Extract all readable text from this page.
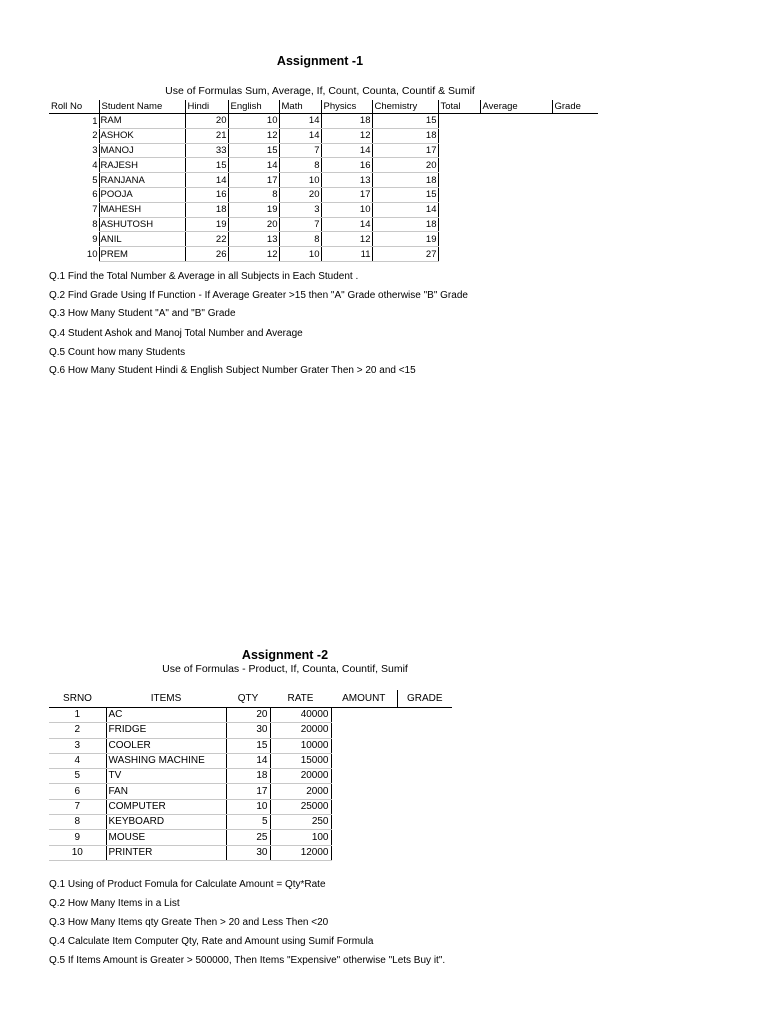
Assignment -1
Use of Formulas Sum, Average, If, Count, Counta, Countif & Sumif
Roll No	Student Name	Hindi	English	Math	Physics	Chemistry	Total	Average	Grade
1	RAM	20	10	14	18	15			
2	ASHOK	21	12	14	12	18			
3	MANOJ	33	15	7	14	17			
4	RAJESH	15	14	8	16	20			
5	RANJANA	14	17	10	13	18			
6	POOJA	16	8	20	17	15			
7	MAHESH	18	19	3	10	14			
8	ASHUTOSH	19	20	7	14	18			
9	ANIL	22	13	8	12	19			
10	PREM	26	12	10	11	27			
Q.1 Find the Total Number & Average in all Subjects in Each Student .
Q.2 Find Grade Using If Function - If Average Greater >15 then "A" Grade otherwise "B" Grade
Q.3 How Many Student "A" and "B" Grade
Q.4 Student Ashok and Manoj Total Number and Average
Q.5 Count how many Students
Q.6 How Many Student Hindi & English Subject Number Grater Then > 20 and <15
Assignment -2
Use of Formulas - Product, If, Counta, Countif, Sumif
SRNO	ITEMS	QTY	RATE	AMOUNT	GRADE
1	AC	20	40000		
2	FRIDGE	30	20000		
3	COOLER	15	10000		
4	WASHING MACHINE	14	15000		
5	TV	18	20000		
6	FAN	17	2000		
7	COMPUTER	10	25000		
8	KEYBOARD	5	250		
9	MOUSE	25	100		
10	PRINTER	30	12000		
Q.1 Using of Product Fomula for Calculate Amount = Qty*Rate
Q.2 How Many Items in a List
Q.3 How Many Items qty Greate Then > 20 and Less Then <20
Q.4 Calculate Item Computer Qty, Rate and Amount using Sumif Formula
Q.5 If Items Amount is Greater > 500000, Then Items "Expensive" otherwise "Lets Buy it".
